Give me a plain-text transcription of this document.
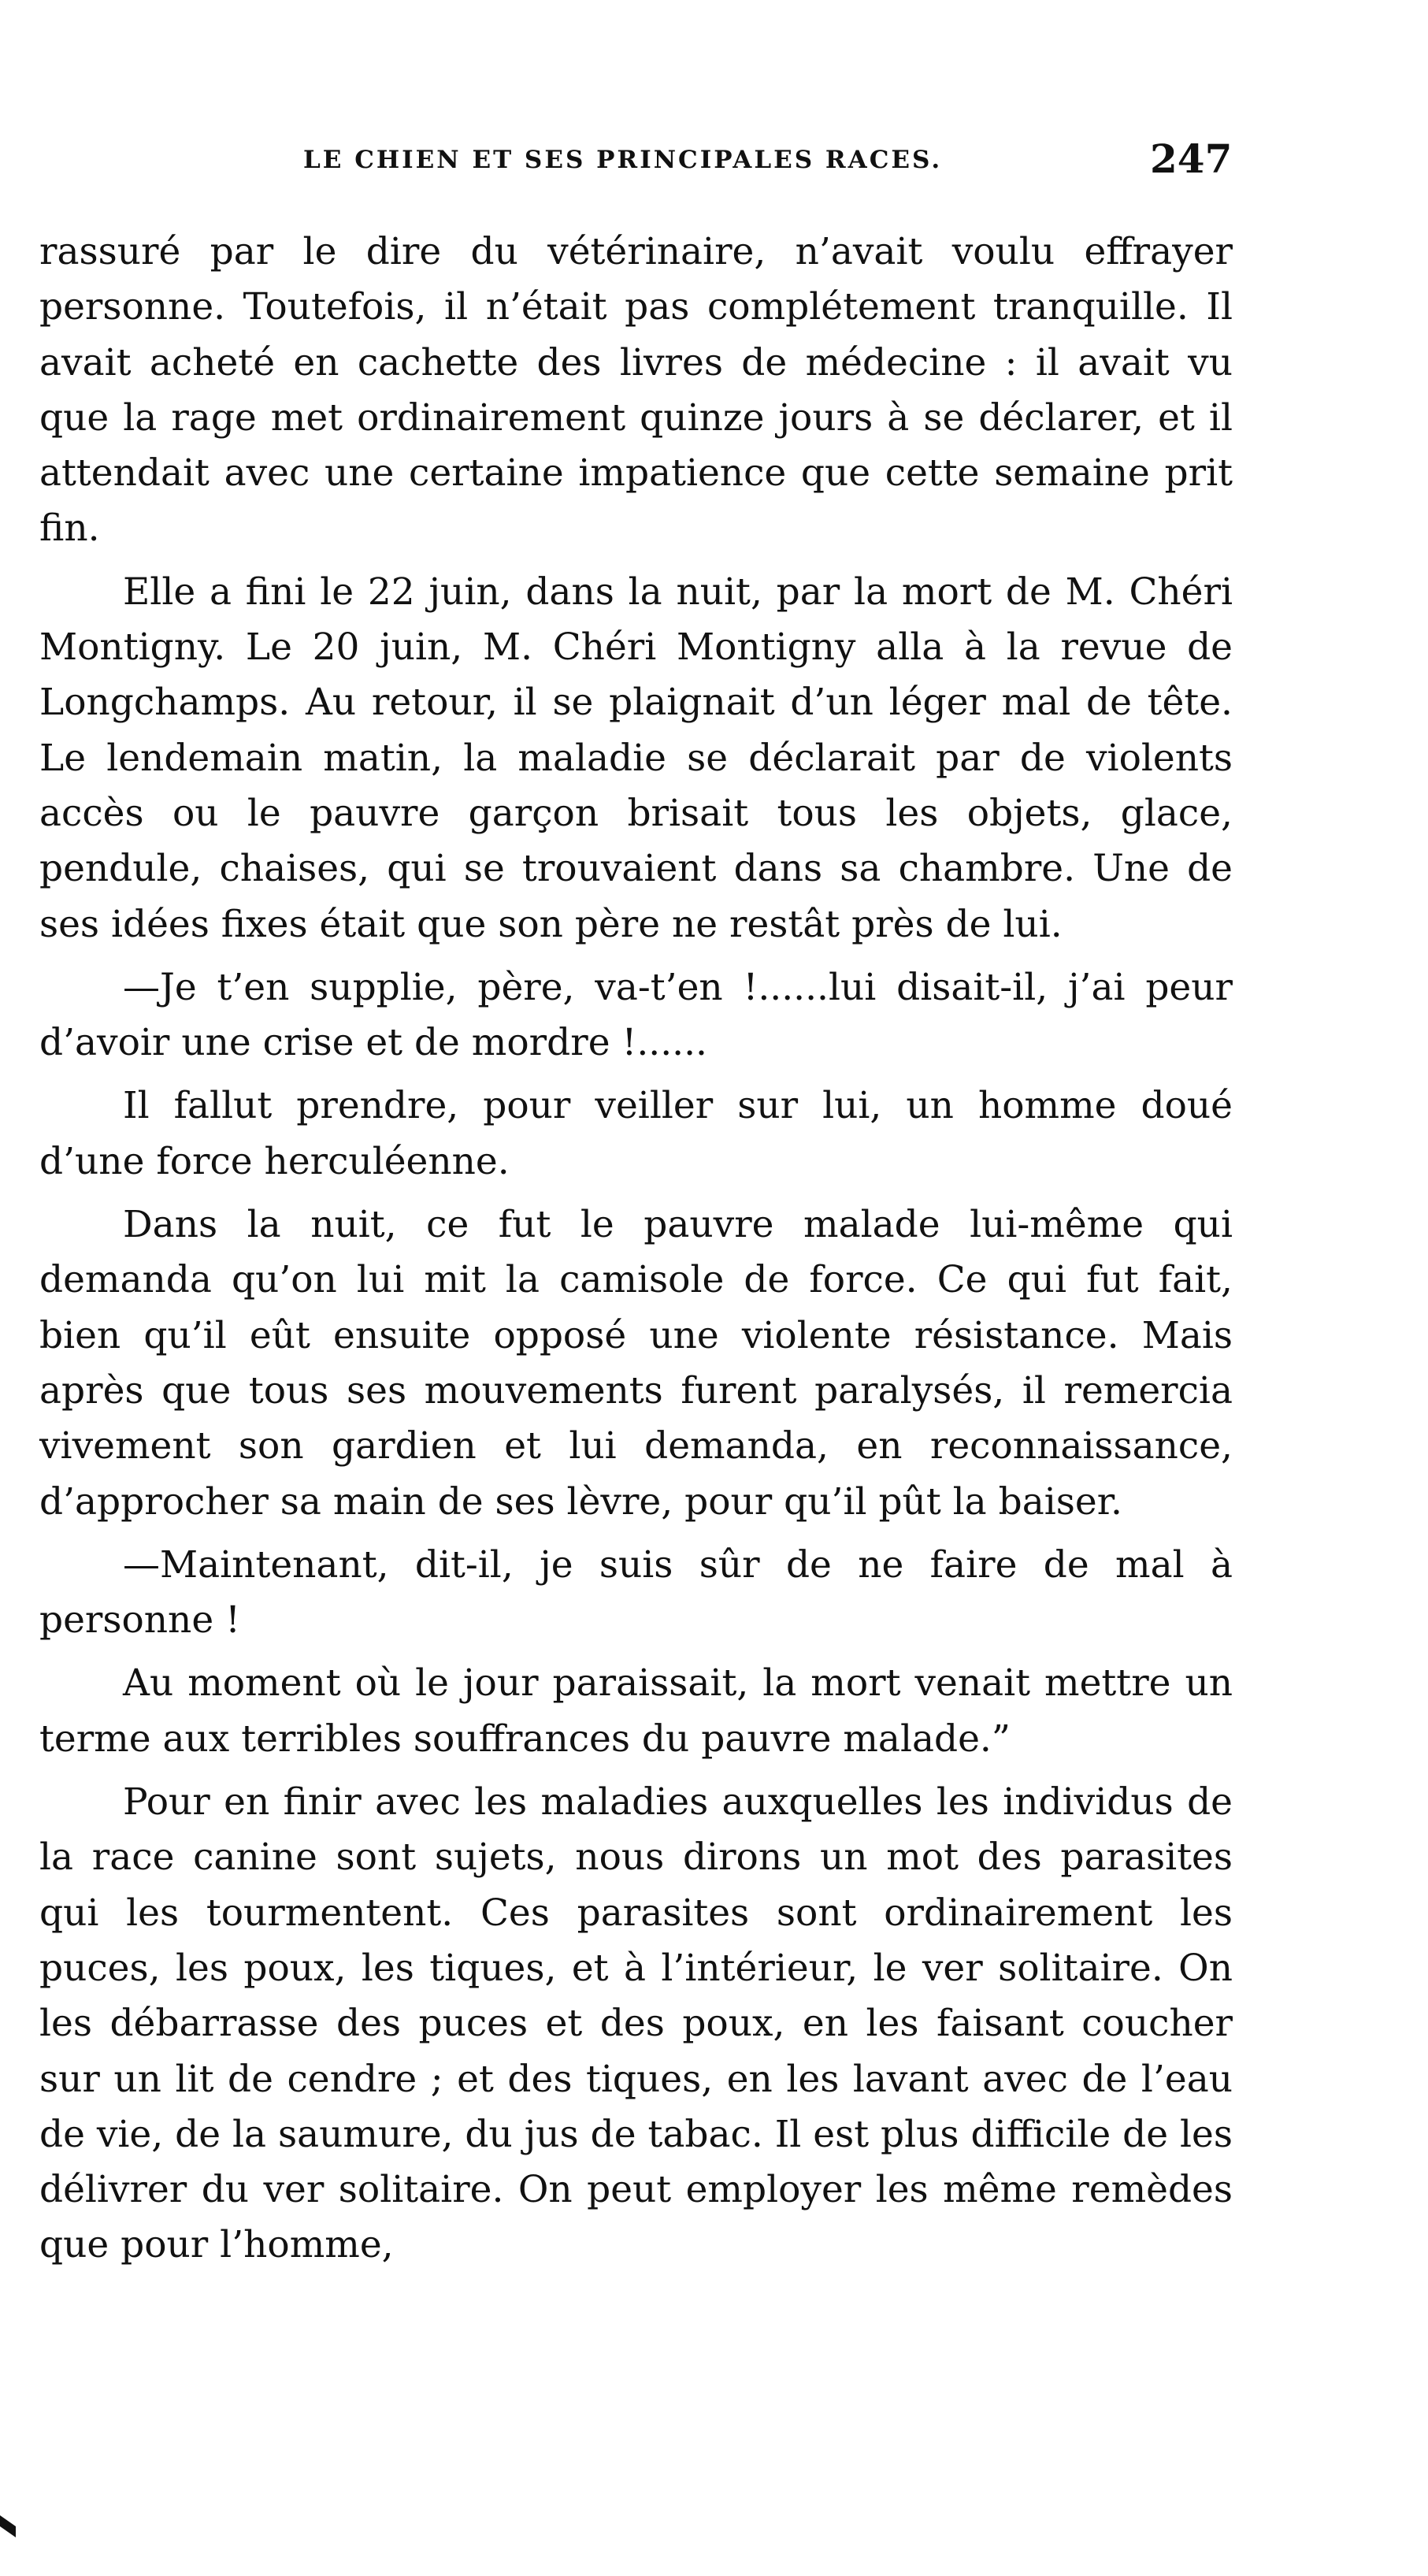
LE CHIEN ET SES PRINCIPALES RACES.	247

rassuré par le dire du vétérinaire, n’avait voulu effrayer personne. Toutefois, il n’était pas complétement tranquille. Il avait acheté en cachette des livres de médecine : il avait vu que la rage met ordinairement quinze jours à se déclarer, et il attendait avec une certaine impatience que cette semaine prit fin.

Elle a fini le 22 juin, dans la nuit, par la mort de M. Chéri Montigny. Le 20 juin, M. Chéri Montigny alla à la revue de Longchamps. Au retour, il se plaignait d’un léger mal de tête. Le lendemain matin, la maladie se déclarait par de violents accès ou le pauvre garçon brisait tous les objets, glace, pendule, chaises, qui se trouvaient dans sa chambre. Une de ses idées fixes était que son père ne restât près de lui.

—Je t’en supplie, père, va-t’en !......lui disait-il, j’ai peur d’avoir une crise et de mordre !......

Il fallut prendre, pour veiller sur lui, un homme doué d’une force herculéenne.

Dans la nuit, ce fut le pauvre malade lui-même qui demanda qu’on lui mit la camisole de force. Ce qui fut fait, bien qu’il eût ensuite opposé une violente résistance. Mais après que tous ses mouvements furent paralysés, il remercia vivement son gardien et lui demanda, en reconnaissance, d’approcher sa main de ses lèvre, pour qu’il pût la baiser.

—Maintenant, dit-il, je suis sûr de ne faire de mal à personne !

Au moment où le jour paraissait, la mort venait mettre un terme aux terribles souffrances du pauvre malade.”

Pour en finir avec les maladies auxquelles les individus de la race canine sont sujets, nous dirons un mot des parasites qui les tourmentent. Ces parasites sont ordinairement les puces, les poux, les tiques, et à l’intérieur, le ver solitaire. On les débarrasse des puces et des poux, en les faisant coucher sur un lit de cendre ; et des tiques, en les lavant avec de l’eau de vie, de la saumure, du jus de tabac. Il est plus difficile de les délivrer du ver solitaire. On peut employer les même remèdes que pour l’homme,
